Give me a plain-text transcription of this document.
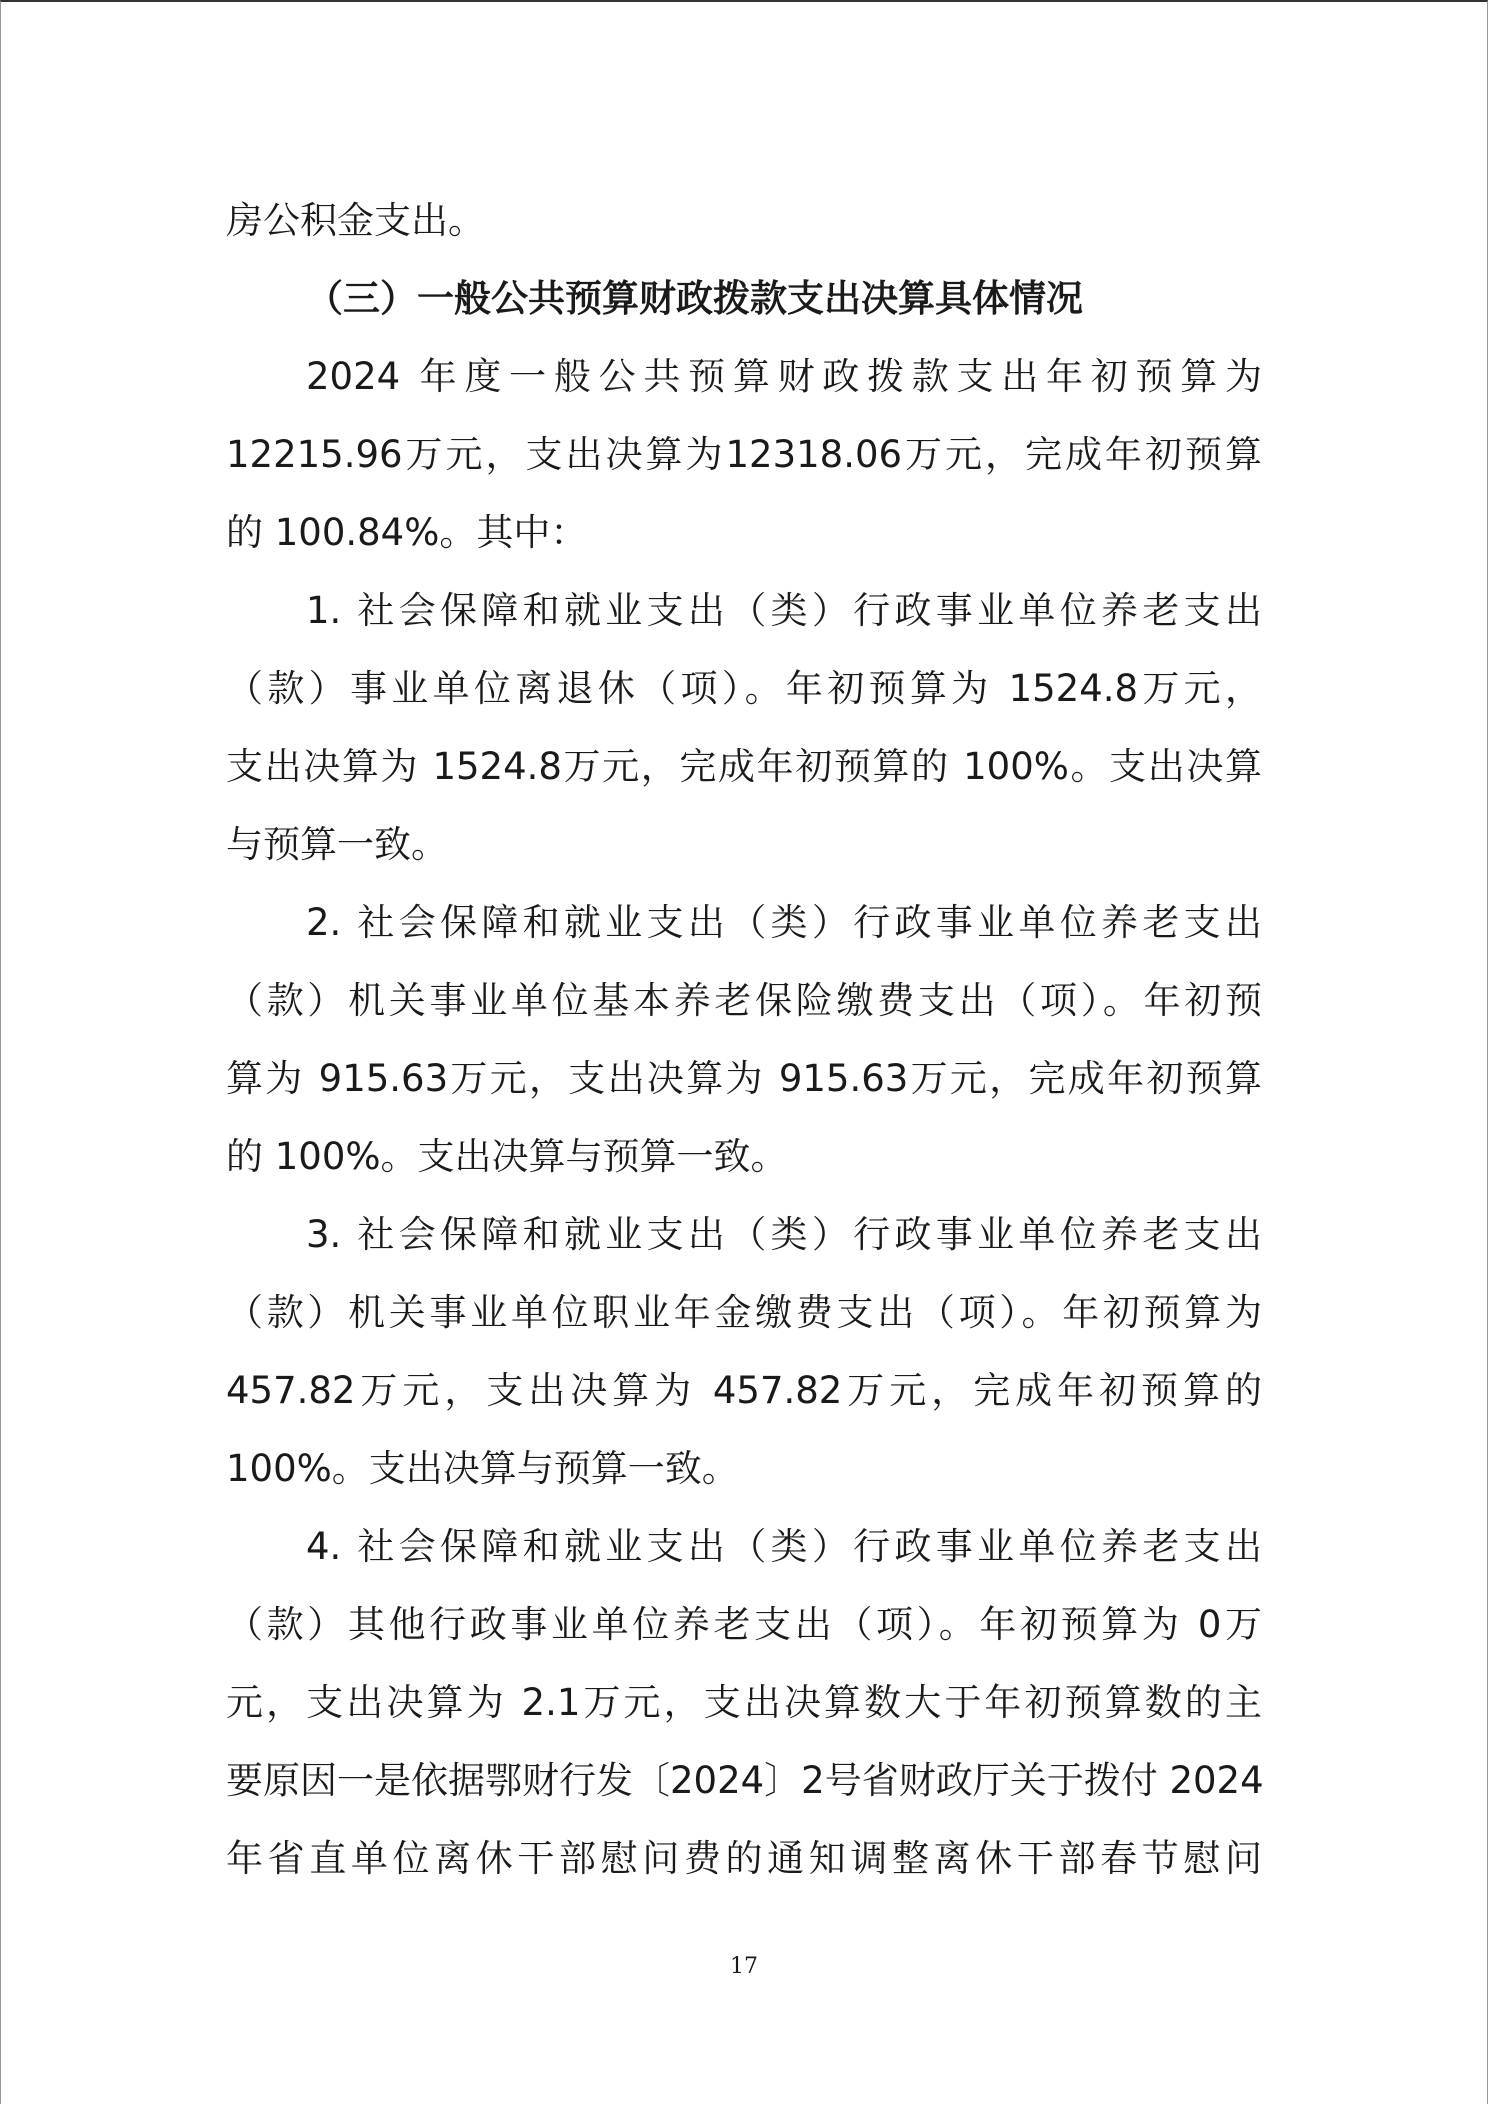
房公积金支出。
（三）一般公共预算财政拨款支出决算具体情况
2024 年度一般公共预算财政拨款支出年初预算为
12215.96万元，支出决算为12318.06万元，完成年初预算
的 100.84%。其中：
1. 社会保障和就业支出（类）行政事业单位养老支出
（款）事业单位离退休（项）。年初预算为 1524.8万元，
支出决算为 1524.8万元，完成年初预算的 100%。支出决算
与预算一致。
2. 社会保障和就业支出（类）行政事业单位养老支出
（款）机关事业单位基本养老保险缴费支出（项）。年初预
算为 915.63万元，支出决算为 915.63万元，完成年初预算
的 100%。支出决算与预算一致。
3. 社会保障和就业支出（类）行政事业单位养老支出
（款）机关事业单位职业年金缴费支出（项）。年初预算为
457.82万元，支出决算为 457.82万元，完成年初预算的
100%。支出决算与预算一致。
4. 社会保障和就业支出（类）行政事业单位养老支出
（款）其他行政事业单位养老支出（项）。年初预算为 0万
元，支出决算为 2.1万元，支出决算数大于年初预算数的主
要原因一是依据鄂财行发〔2024〕2号省财政厅关于拨付 2024
年省直单位离休干部慰问费的通知调整离休干部春节慰问
17
